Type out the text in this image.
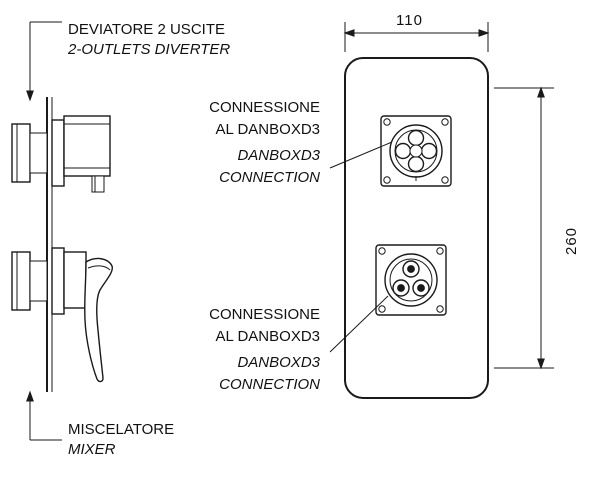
DEVIATORE 2 USCITE
2-OUTLETS DIVERTER
MISCELATORE
MIXER
CONNESSIONE
AL DANBOXD3
DANBOXD3
CONNECTION
CONNESSIONE
AL DANBOXD3
DANBOXD3
CONNECTION
110
260
